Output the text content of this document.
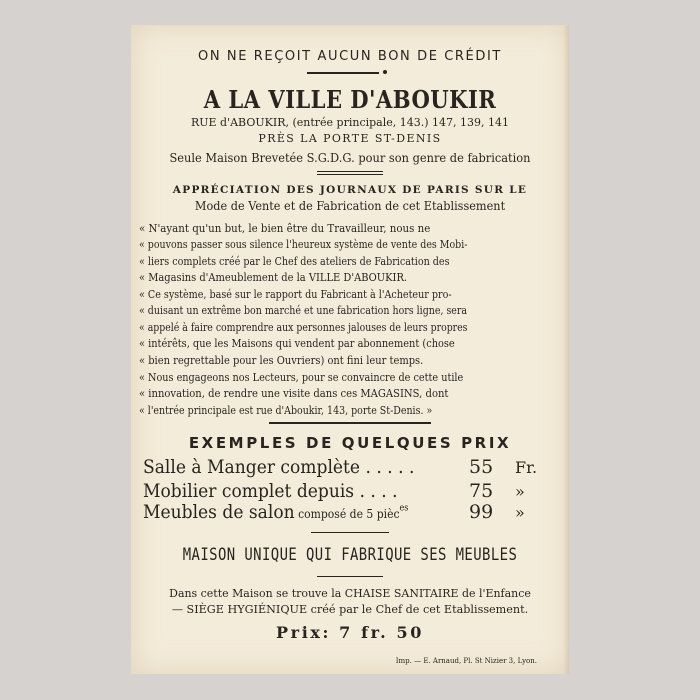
ON NE REÇOIT AUCUN BON DE CRÉDIT
A LA VILLE D'ABOUKIR
RUE d'ABOUKIR, (entrée principale, 143.) 147, 139, 141
PRÈS LA PORTE ST-DENIS
Seule Maison Brevetée S.G.D.G. pour son genre de fabrication
APPRÉCIATION DES JOURNAUX DE PARIS SUR LE
Mode de Vente et de Fabrication de cet Etablissement
« N'ayant qu'un but, le bien être du Travailleur, nous ne
« pouvons passer sous silence l'heureux système de vente des Mobi-
« liers complets créé par le Chef des ateliers de Fabrication des
« Magasins d'Ameublement de la VILLE D'ABOUKIR.
« Ce système, basé sur le rapport du Fabricant à l'Acheteur pro-
« duisant un extrême bon marché et une fabrication hors ligne, sera
« appelé à faire comprendre aux personnes jalouses de leurs propres
« intérêts, que les Maisons qui vendent par abonnement (chose
« bien regrettable pour les Ouvriers) ont fini leur temps.
« Nous engageons nos Lecteurs, pour se convaincre de cette utile
« innovation, de rendre une visite dans ces MAGASINS, dont
« l'entrée principale est rue d'Aboukir, 143, porte St-Denis. »
EXEMPLES DE QUELQUES PRIX
Salle à Manger complète . . . . .	55 Fr.
Mobilier complet depuis . . . .	75 »
Meubles de salon composé de 5 pièc$^{es}$	99 »
MAISON UNIQUE QUI FABRIQUE SES MEUBLES
Dans cette Maison se trouve la CHAISE SANITAIRE de l'Enfance
— SIÈGE HYGIÉNIQUE créé par le Chef de cet Etablissement.
Prix: 7 fr. 50
Imp. — E. Arnaud, Pl. St Nizier 3, Lyon.
